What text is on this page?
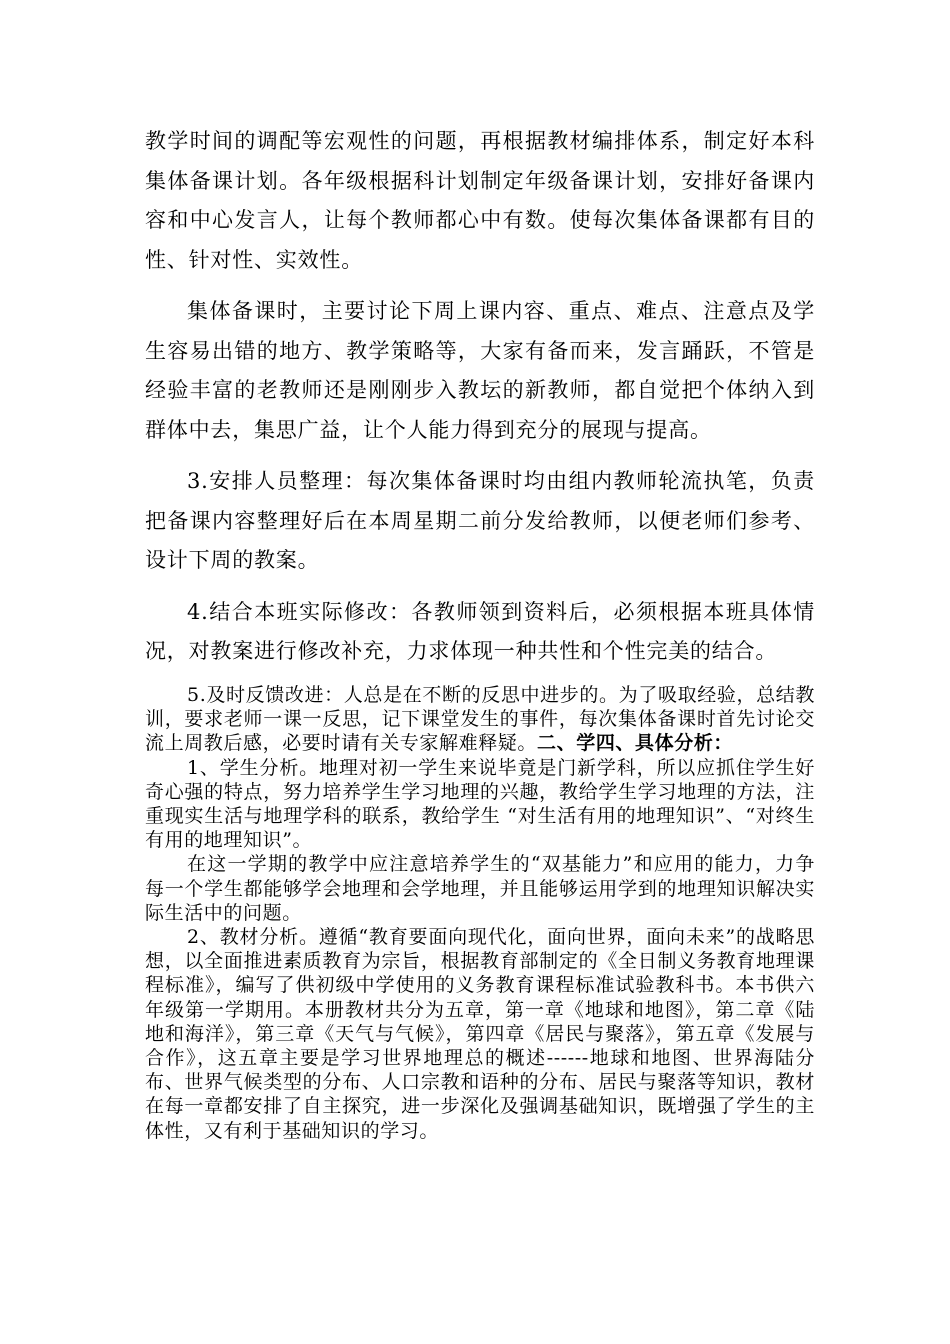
教学时间的调配等宏观性的问题，再根据教材编排体系，制定好本科集体备课计划。各年级根据科计划制定年级备课计划，安排好备课内容和中心发言人，让每个教师都心中有数。使每次集体备课都有目的性、针对性、实效性。

集体备课时，主要讨论下周上课内容、重点、难点、注意点及学生容易出错的地方、教学策略等，大家有备而来，发言踊跃，不管是经验丰富的老教师还是刚刚步入教坛的新教师，都自觉把个体纳入到群体中去，集思广益，让个人能力得到充分的展现与提高。

3.安排人员整理：每次集体备课时均由组内教师轮流执笔，负责把备课内容整理好后在本周星期二前分发给教师，以便老师们参考、设计下周的教案。

4.结合本班实际修改：各教师领到资料后，必须根据本班具体情况，对教案进行修改补充，力求体现一种共性和个性完美的结合。

5.及时反馈改进：人总是在不断的反思中进步的。为了吸取经验，总结教训，要求老师一课一反思，记下课堂发生的事件，每次集体备课时首先讨论交流上周教后感，必要时请有关专家解难释疑。二、学四、具体分析：

1、学生分析。地理对初一学生来说毕竟是门新学科，所以应抓住学生好奇心强的特点，努力培养学生学习地理的兴趣，教给学生学习地理的方法，注重现实生活与地理学科的联系，教给学生 “对生活有用的地理知识”、“对终生有用的地理知识”。

在这一学期的教学中应注意培养学生的“双基能力”和应用的能力，力争每一个学生都能够学会地理和会学地理，并且能够运用学到的地理知识解决实际生活中的问题。

2、教材分析。遵循“教育要面向现代化，面向世界，面向未来”的战略思想，以全面推进素质教育为宗旨，根据教育部制定的《全日制义务教育地理课程标准》，编写了供初级中学使用的义务教育课程标准试验教科书。本书供六年级第一学期用。本册教材共分为五章，第一章《地球和地图》，第二章《陆地和海洋》，第三章《天气与气候》，第四章《居民与聚落》，第五章《发展与合作》，这五章主要是学习世界地理总的概述------地球和地图、世界海陆分布、世界气候类型的分布、人口宗教和语种的分布、居民与聚落等知识，教材在每一章都安排了自主探究，进一步深化及强调基础知识，既增强了学生的主体性，又有利于基础知识的学习。
